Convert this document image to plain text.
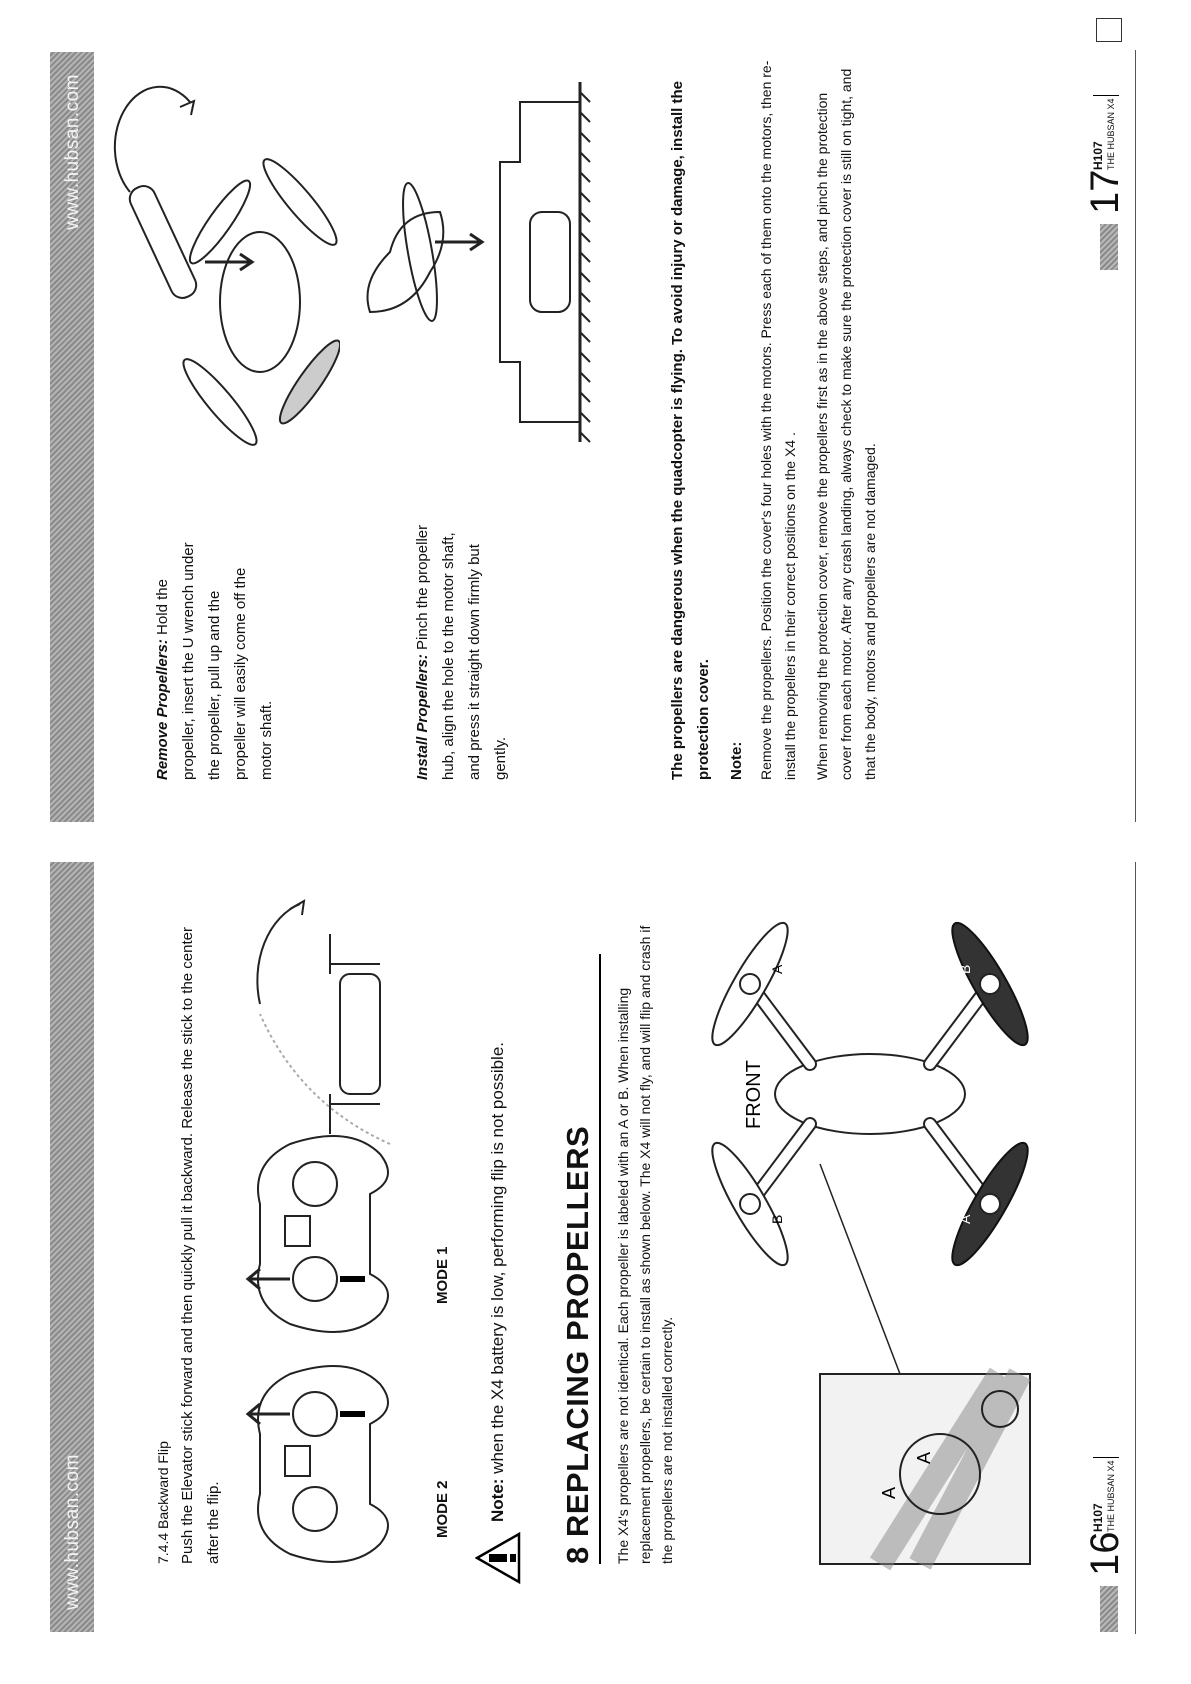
www.hubsan.com	7.4.4 Backward Flip Push the Elevator stick forward and then quickly pull it backward. Release the stick to the center after the flip.	MODE 2
MODE 1
Note: when the X4 battery is low, performing flip is not possible. 8 REPLACING PROPELLERS The X4's propellers are not identical. Each propeller is labeled with an A or B. When installing replacement propellers, be certain to install as shown below. The X4 will not fly, and will flip and crash if the propellers are not installed correctly.	A
A
B
A
A
B
FRONT
16
H107 THE HUBSAN X4
www.hubsan.com
Remove Propellers: Hold the propeller, insert the U wrench under the propeller, pull up and the propeller will easily come off the motor shaft.	Install Propellers: Pinch the propeller hub, align the hole to the motor shaft, and press it straight down firmly but gently.	The propellers are dangerous when the quadcopter is flying. To avoid injury or damage, install the protection cover.	Note: Remove the propellers. Position the cover's four holes with the motors. Press each of them onto the motors, then re-install the propellers in their correct positions on the X4 . When removing the protection cover, remove the propellers first as in the above steps, and pinch the protection cover from each motor. After any crash landing, always check to make sure the protection cover is still on tight, and that the body, motors and propellers are not damaged.
17
H107 THE HUBSAN X4
